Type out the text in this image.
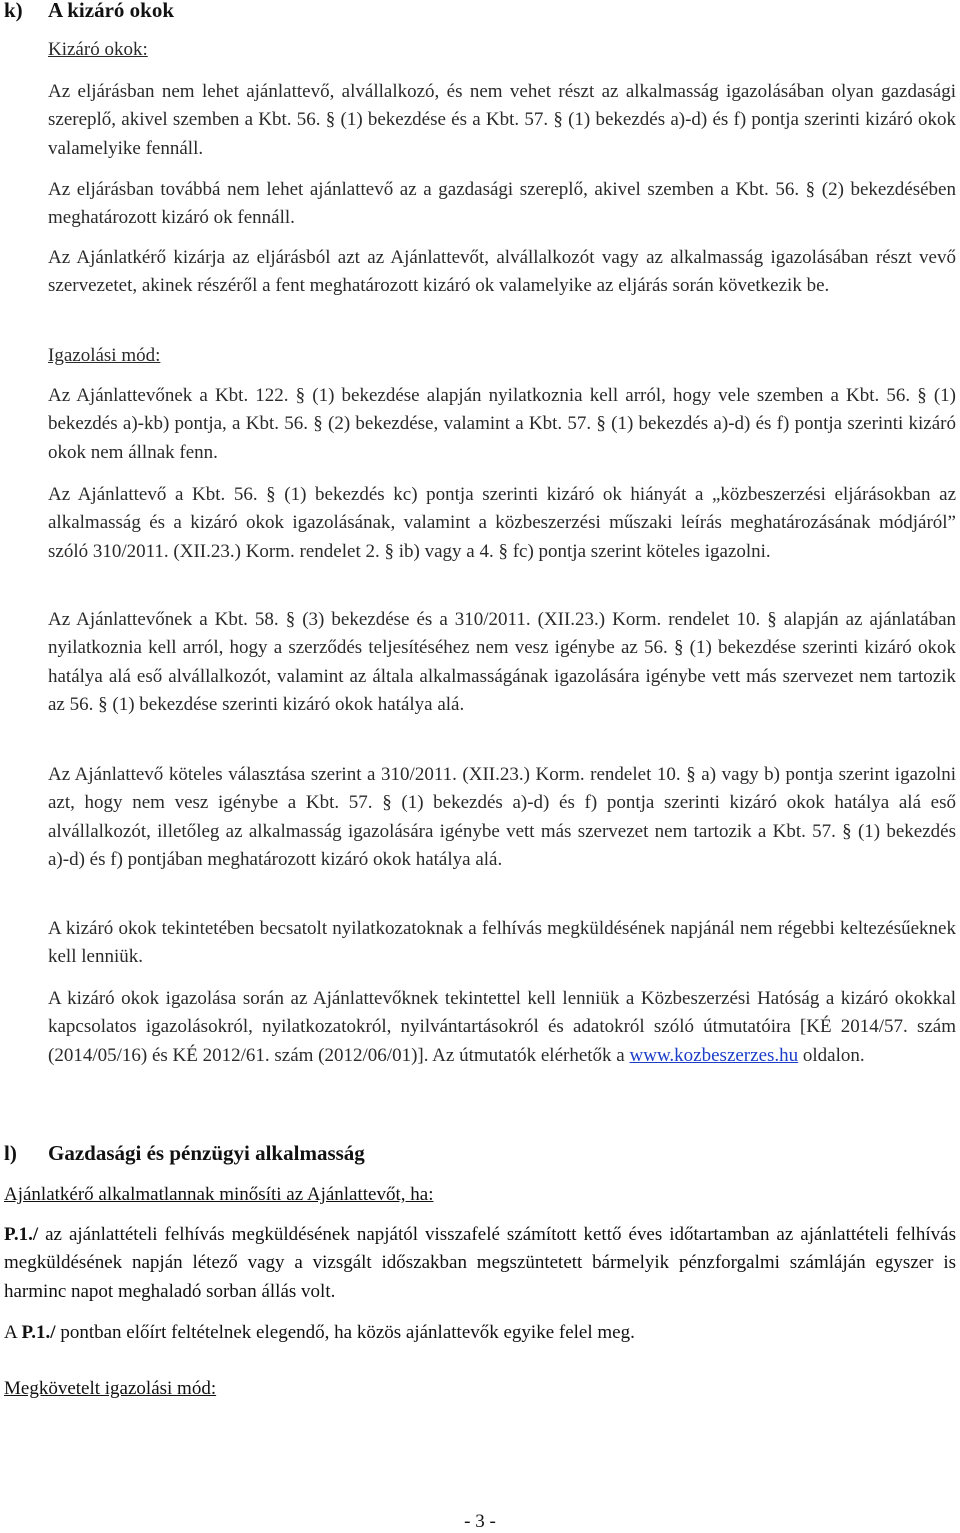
k) A kizáró okok
Kizáró okok:

Az eljárásban nem lehet ajánlattevő, alvállalkozó, és nem vehet részt az alkalmasság igazolásában olyan gazdasági szereplő, akivel szemben a Kbt. 56. § (1) bekezdése és a Kbt. 57. § (1) bekezdés a)-d) és f) pontja szerinti kizáró okok valamelyike fennáll.

Az eljárásban továbbá nem lehet ajánlattevő az a gazdasági szereplő, akivel szemben a Kbt. 56. § (2) bekezdésében meghatározott kizáró ok fennáll.

Az Ajánlatkérő kizárja az eljárásból azt az Ajánlattevőt, alvállalkozót vagy az alkalmasság igazolásában részt vevő szervezetet, akinek részéről a fent meghatározott kizáró ok valamelyike az eljárás során következik be.

Igazolási mód:

Az Ajánlattevőnek a Kbt. 122. § (1) bekezdése alapján nyilatkoznia kell arról, hogy vele szemben a Kbt. 56. § (1) bekezdés a)-kb) pontja, a Kbt. 56. § (2) bekezdése, valamint a Kbt. 57. § (1) bekezdés a)-d) és f) pontja szerinti kizáró okok nem állnak fenn.

Az Ajánlattevő a Kbt. 56. § (1) bekezdés kc) pontja szerinti kizáró ok hiányát a „közbeszerzési eljárásokban az alkalmasság és a kizáró okok igazolásának, valamint a közbeszerzési műszaki leírás meghatározásának módjáról” szóló 310/2011. (XII.23.) Korm. rendelet 2. § ib) vagy a 4. § fc) pontja szerint köteles igazolni.

Az Ajánlattevőnek a Kbt. 58. § (3) bekezdése és a 310/2011. (XII.23.) Korm. rendelet 10. § alapján az ajánlatában nyilatkoznia kell arról, hogy a szerződés teljesítéséhez nem vesz igénybe az 56. § (1) bekezdése szerinti kizáró okok hatálya alá eső alvállalkozót, valamint az általa alkalmasságának igazolására igénybe vett más szervezet nem tartozik az 56. § (1) bekezdése szerinti kizáró okok hatálya alá.

Az Ajánlattevő köteles választása szerint a 310/2011. (XII.23.) Korm. rendelet 10. § a) vagy b) pontja szerint igazolni azt, hogy nem vesz igénybe a Kbt. 57. § (1) bekezdés a)-d) és f) pontja szerinti kizáró okok hatálya alá eső alvállalkozót, illetőleg az alkalmasság igazolására igénybe vett más szervezet nem tartozik a Kbt. 57. § (1) bekezdés a)-d) és f) pontjában meghatározott kizáró okok hatálya alá.

A kizáró okok tekintetében becsatolt nyilatkozatoknak a felhívás megküldésének napjánál nem régebbi keltezésűeknek kell lenniük.

A kizáró okok igazolása során az Ajánlattevőknek tekintettel kell lenniük a Közbeszerzési Hatóság a kizáró okokkal kapcsolatos igazolásokról, nyilatkozatokról, nyilvántartásokról és adatokról szóló útmutatóira [KÉ 2014/57. szám (2014/05/16) és KÉ 2012/61. szám (2012/06/01)]. Az útmutatók elérhetők a www.kozbeszerzes.hu oldalon.

l) Gazdasági és pénzügyi alkalmasság
Ajánlatkérő alkalmatlannak minősíti az Ajánlattevőt, ha:

P.1./ az ajánlattételi felhívás megküldésének napjától visszafelé számított kettő éves időtartamban az ajánlattételi felhívás megküldésének napján létező vagy a vizsgált időszakban megszüntetett bármelyik pénzforgalmi számláján egyszer is harminc napot meghaladó sorban állás volt.

A P.1./ pontban előírt feltételnek elegendő, ha közös ajánlattevők egyike felel meg.

Megkövetelt igazolási mód:
- 3 -
